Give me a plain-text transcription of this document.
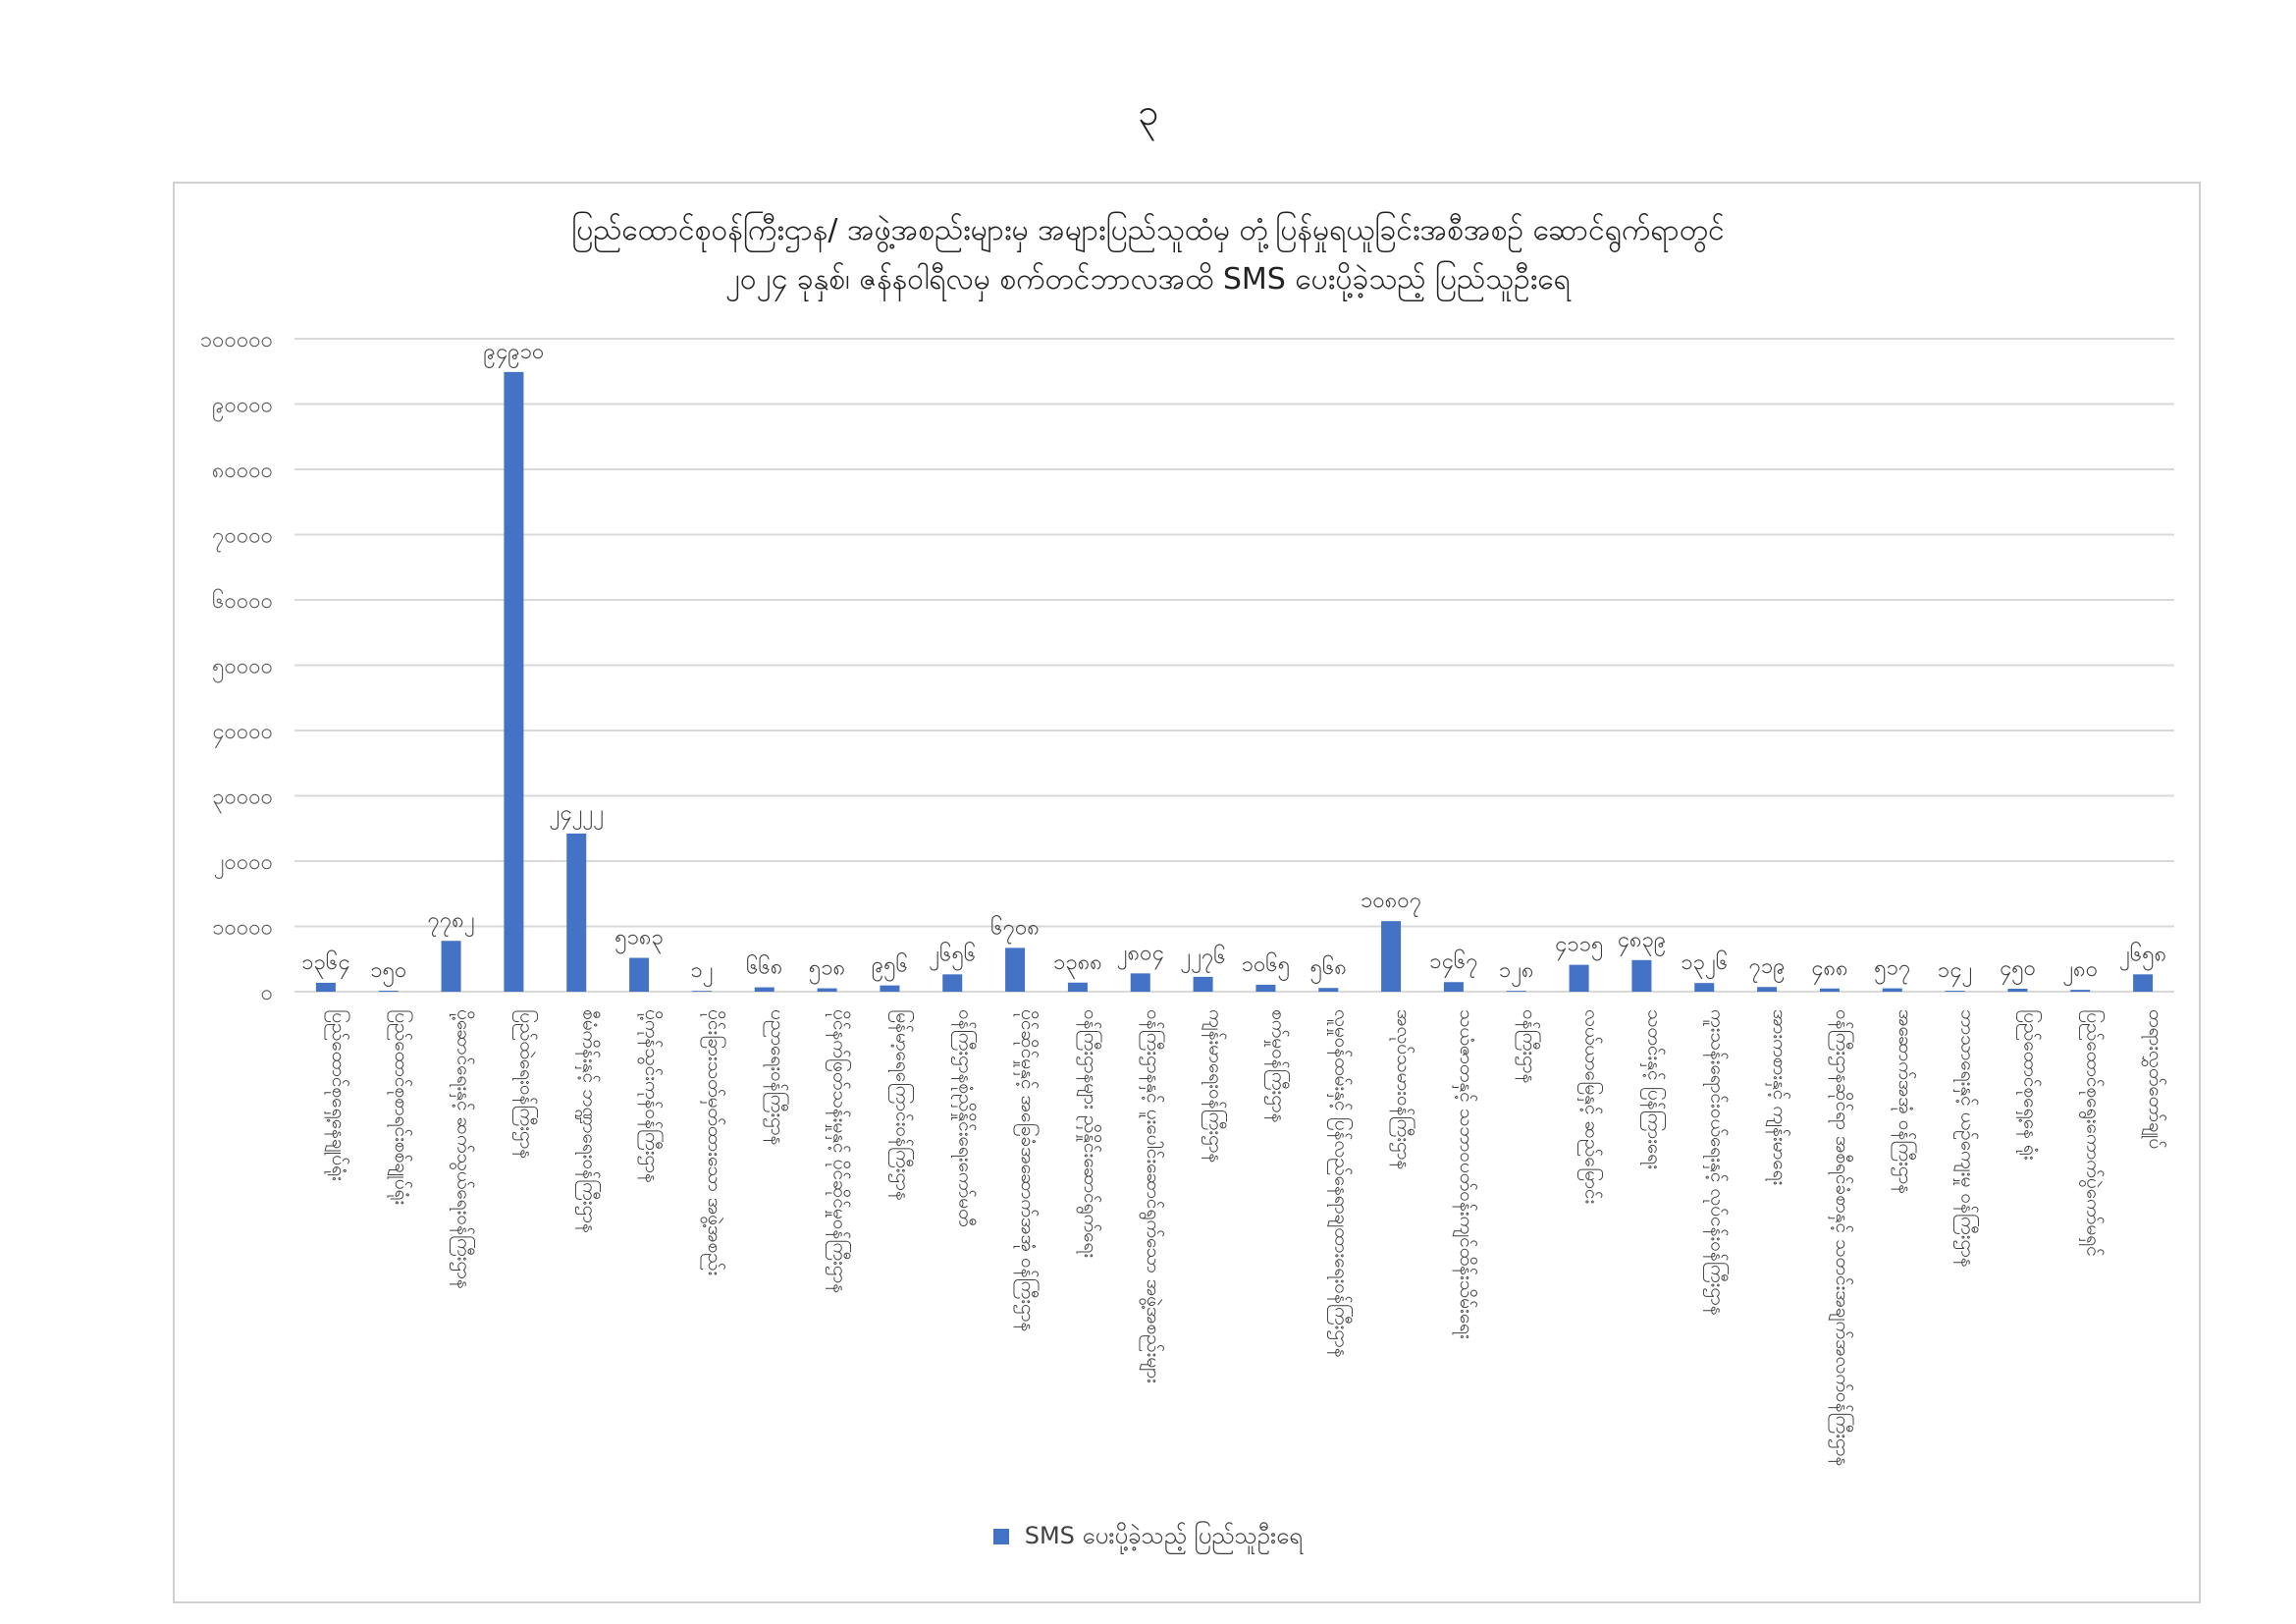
၃
ပြည်ထောင်စုဝန်ကြီးဌာန/ အဖွဲ့အစည်းများမှ အများပြည်သူထံမှ တုံ့ပြန်မှုရယူခြင်းအစီအစဉ် ဆောင်ရွက်ရာတွင်
၂၀၂၄ ခုနှစ်၊ ဇန်နဝါရီလမှ စက်တင်ဘာလအထိ SMS ပေးပို့ခဲ့သည့် ပြည်သူဦးရေ
၁၀၀၀၀၀
၉၀၀၀၀
၈၀၀၀၀
၇၀၀၀၀
၆၀၀၀၀
၅၀၀၀၀
၄၀၀၀၀
၃၀၀၀၀
၂၀၀၀၀
၁၀၀၀၀
၀
၁၃၆၄
ပြည်ထောင်စုရှေ့နေချုပ်ရုံး
၁၅၀
ပြည်ထောင်စုစာရင်းစစ်ချုပ်ရုံး
၇၇၈၂
ပို့ဆောင်ရေးနှင့် ဆက်သွယ်ရေးဝန်ကြီးဌာန
၉၄၉၁၀
ပြည်ထဲရေးဝန်ကြီးဌာန
၂၄၂၂၂
စီမံကိန်းနှင့် ဘဏ္ဍာရေးဝန်ကြီးဌာန
၅၁၈၃
ပို့ကုန်သွင်းကုန်ဝန်ကြီးဌာန
၁၂
ပိုင်းခြားသတ်မှတ်ထားသော အဖွဲ့အစည်း
၆၆၈
ပညာရေးဝန်ကြီးဌာန
၅၁၈
ပိုင်နက်ဖြတ်သန်းမှုနှင့် ပိုင်ဆိုင်မှုဝန်ကြီးဌာန
၉၅၆
မြန်မာ့ရေကြောင်းဝန်ကြီးဌာန
၂၆၅၆
ဝန်ကြီးဌာနစုံညှိနှိုင်းရေးကော်မတီ
၆၇၀၈
ပိုင်ဆိုင်မှုနှင့် အခြေခံအဆောက်အအုံ ဝန်ကြီးဌာန
၁၃၈၈
ဝန်ကြီးဌာနများ ညှိနှိုင်းဆောင်ရွက်ရေး
၂၈၀၄
ဝန်ကြီးဌာနနှင့် ပူးပေါင်းဆောင်ရွက်သော အဖွဲ့အစည်းများ
၂၂၇၆
ကျန်းမာရေးဝန်ကြီးဌာန
၁၀၆၅
စက်မှုဝန်ကြီးဌာန
၅၆၈
လူမှုဝန်ထမ်းနှင့် ပြန်လည်နေရာချထားရေးဝန်ကြီးဌာန
၁၀၈၀၇
အလုပ်သမားဝန်ကြီးဌာန
၁၄၆၇
သယံဇာတနှင့် သဘာဝပတ်ဝန်းကျင်ထိန်းသိမ်းရေး
၁၂၈
ဝန်ကြီးဌာန
၄၁၁၅
လယ်ယာမြေနှင့် ဆည်မြောင်း
၄၈၃၉
သတင်းနှင့် ပြန်ကြားရေး
၁၃၂၆
ကူးသန်းရောင်းဝယ်ရေးနှင့် လုပ်ငန်းဝန်ကြီးဌာန
၇၁၉
အားကစားနှင့် ကျန်းမာရေး
၄၈၈
ဝန်ကြီးဌာနဆိုင်ရာ အစီရင်ခံစာနှင့် သတင်းအချက်အလက်ဝန်ကြီးဌာန
၅၁၇
အဆောက်အအုံ ဝန်ကြီးဌာန
၁၄၂
ဘာသာရေးနှင့် ယဉ်ကျေးမှု ဝန်ကြီးဌာန
၄၅၀
ပြည်ထောင်စုရှေ့နေ ရုံး
၂၈၀
ပြည်ထောင်စုရွေးကောက်ပွဲကော်မရှင်
၂၆၅၈
တရားလွှတ်တော်ချုပ်
SMS ပေးပို့ခဲ့သည့် ပြည်သူဦးရေ
